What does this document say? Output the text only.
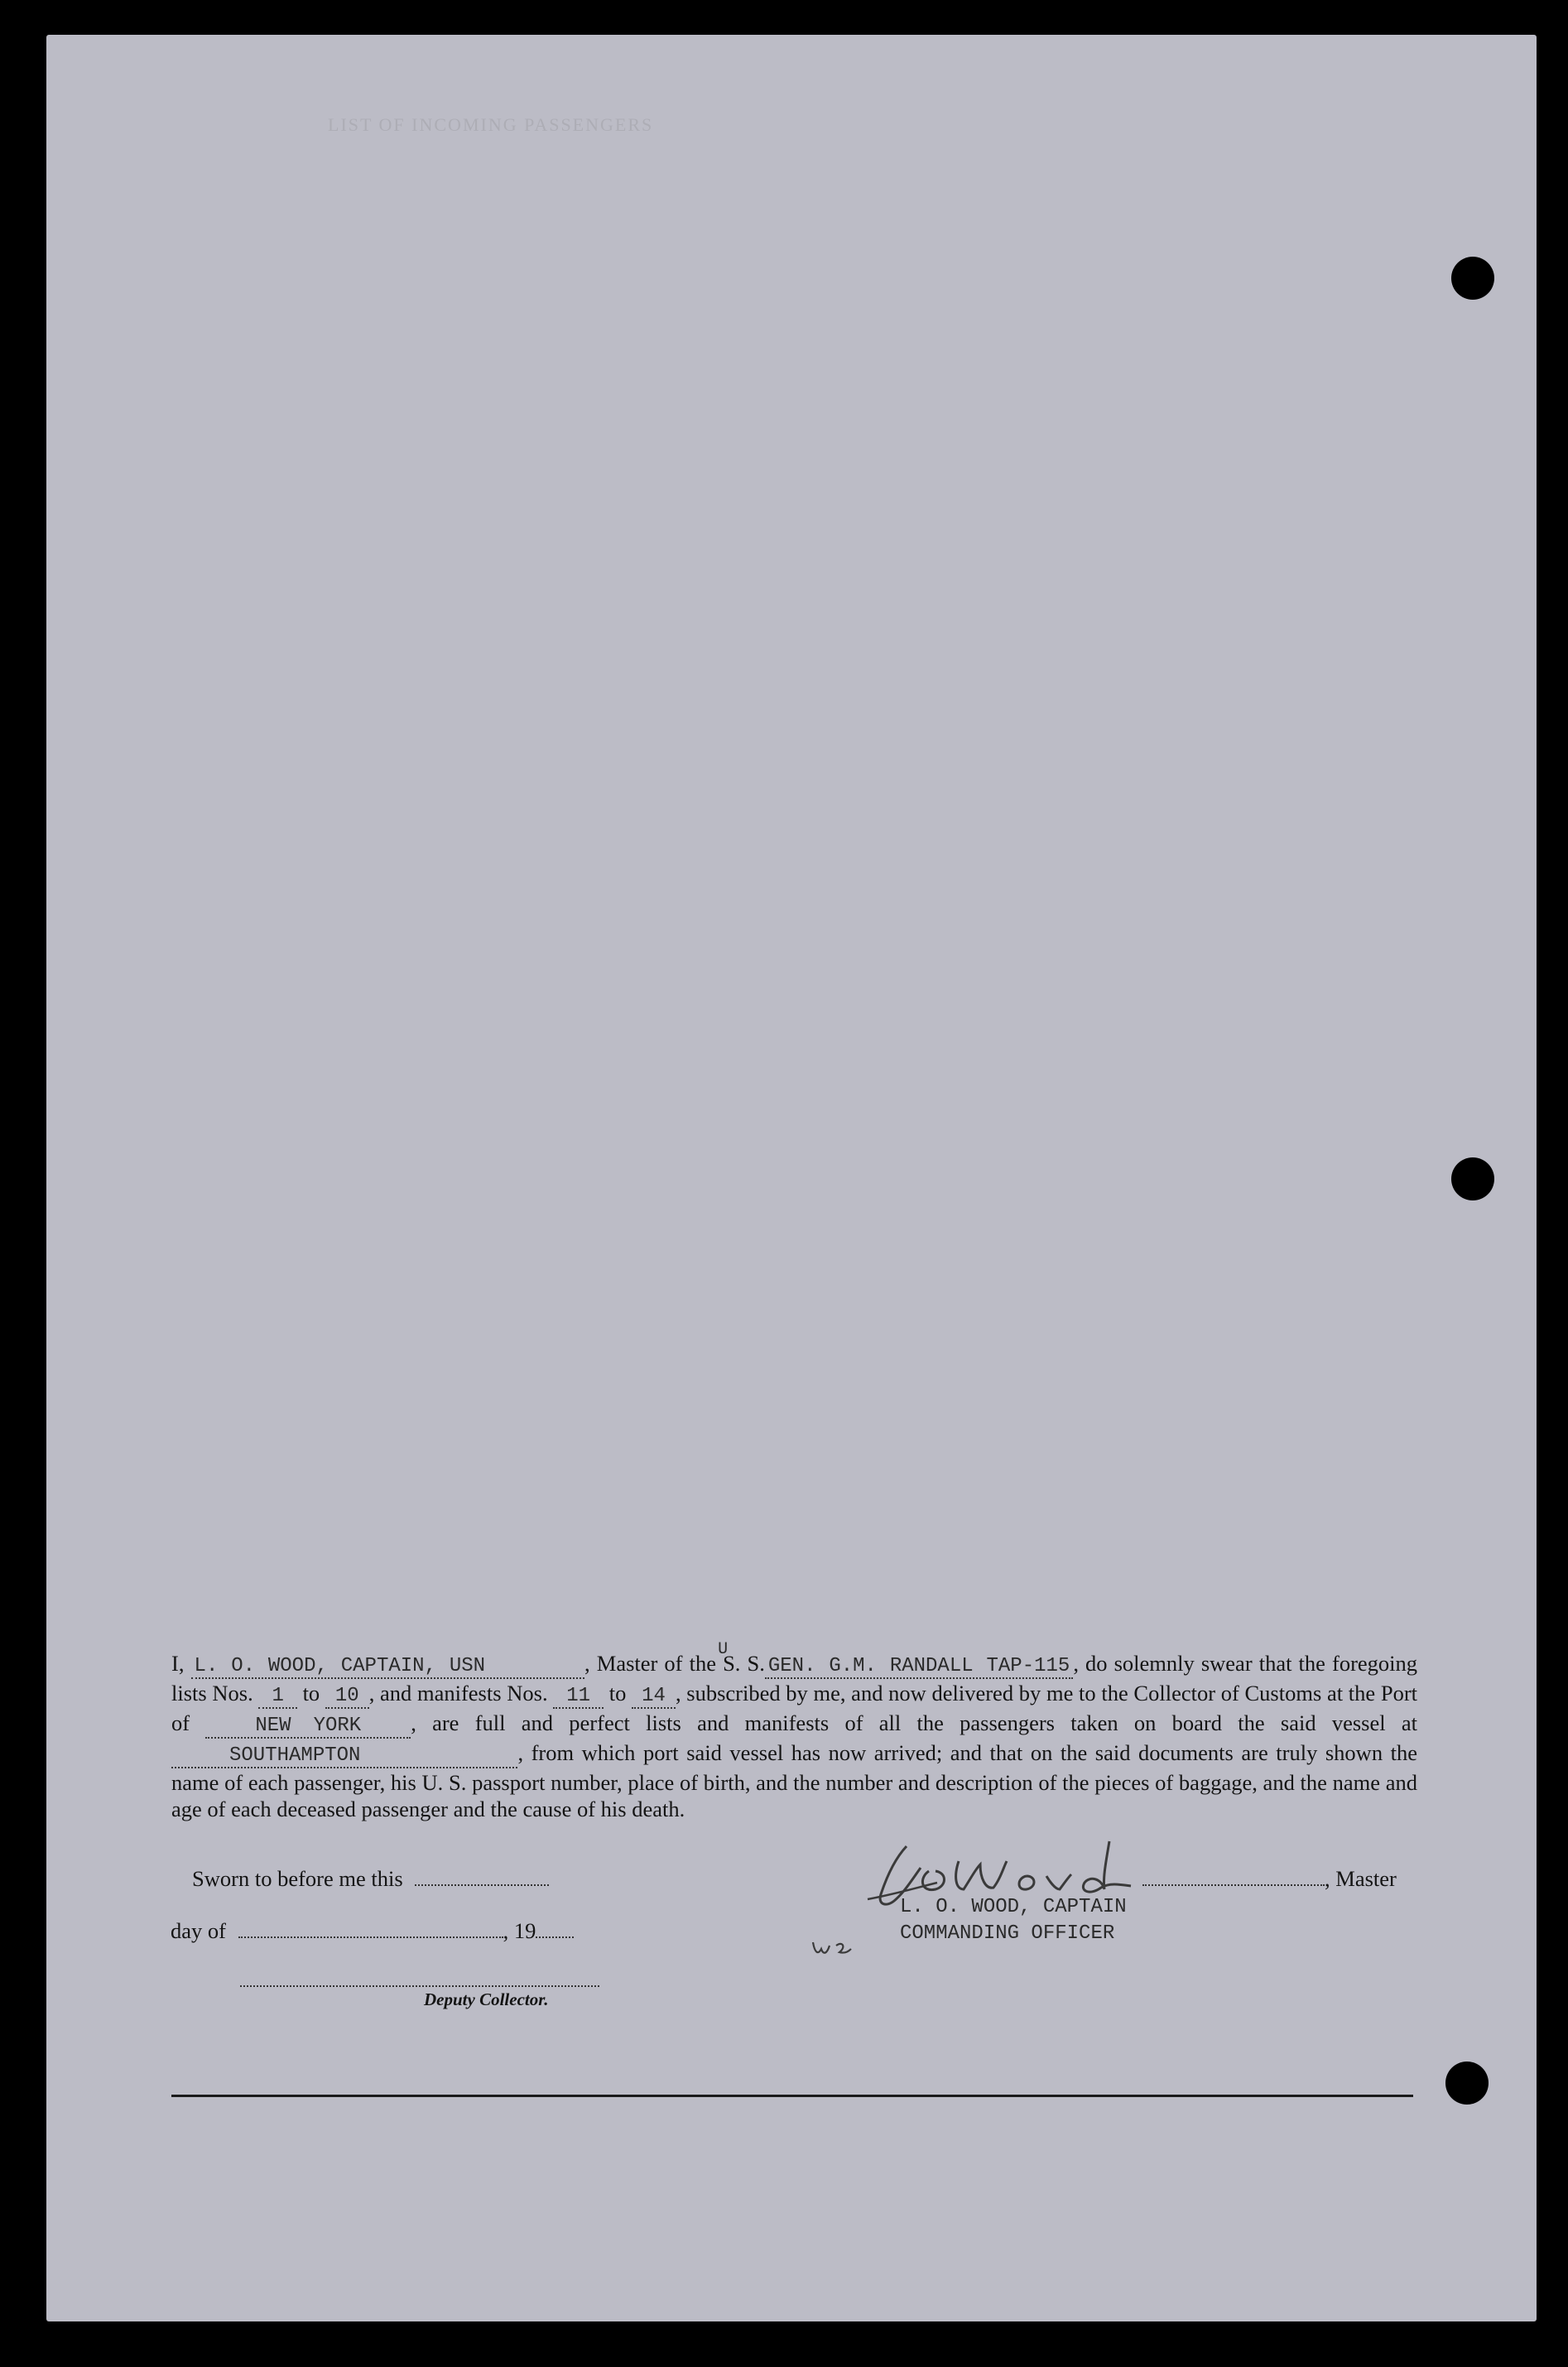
LIST OF INCOMING PASSENGERS
I, L. O. WOOD, CAPTAIN, USN	, Master of the
U
S. S. GEN. G.M. RANDALL TAP-115 , do solemnly swear that the foregoing lists Nos. 1 to 10 , and manifests Nos. 11 to 14 , subscribed by me, and now delivered by me to the Collector of Customs at the Port of	NEW YORK , are full and perfect lists and manifests of all the passengers taken on board the said vessel at SOUTHAMPTON	, from which port said vessel has now arrived; and that on the said documents are truly shown the name of each passenger, his U. S. passport number, place of birth, and the number and description of the pieces of baggage, and the name and age of each deceased passenger and the cause of his death.
Sworn to before me this
day of	, 19
Deputy Collector.
, Master
L. O. WOOD, CAPTAIN
COMMANDING OFFICER
